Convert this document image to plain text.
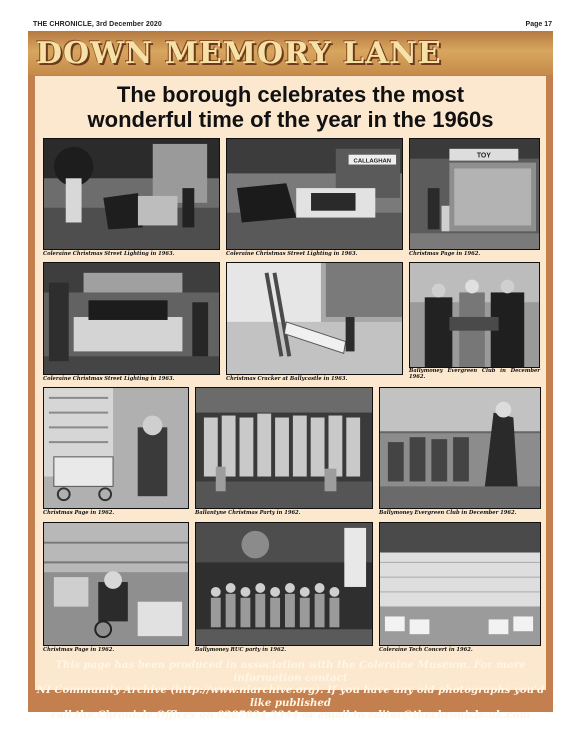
THE CHRONICLE, 3rd December 2020	Page 17
DOWN MEMORY LANE
The borough celebrates the most
wonderful time of the year in the 1960s
Coleraine Christmas Street Lighting in 1963.
CALLAGHAN
Coleraine Christmas Street Lighting in 1963.
TOY
Christmas Page in 1962.
Coleraine Christmas Street Lighting in 1963.	Christmas Cracker at Ballycastle in 1963.
Ballymoney Evergreen Club in December 1962.
Christmas Page in 1962.	Ballantyne Christmas Party in 1962.	Ballymoney Evergreen Club in December 1962.
Christmas Page in 1962.	Ballymoney RUC party in 1962.	Coleraine Tech Concert in 1962.
This page has been produced in association with the Coleraine Museum. For more information contact
NI Community Archive (http://www.niarchive.org). If you have any old photographs you'd like published
call the Chronicle Offices on 0287034 3344 or email to editor@thechronicle.uk.com
